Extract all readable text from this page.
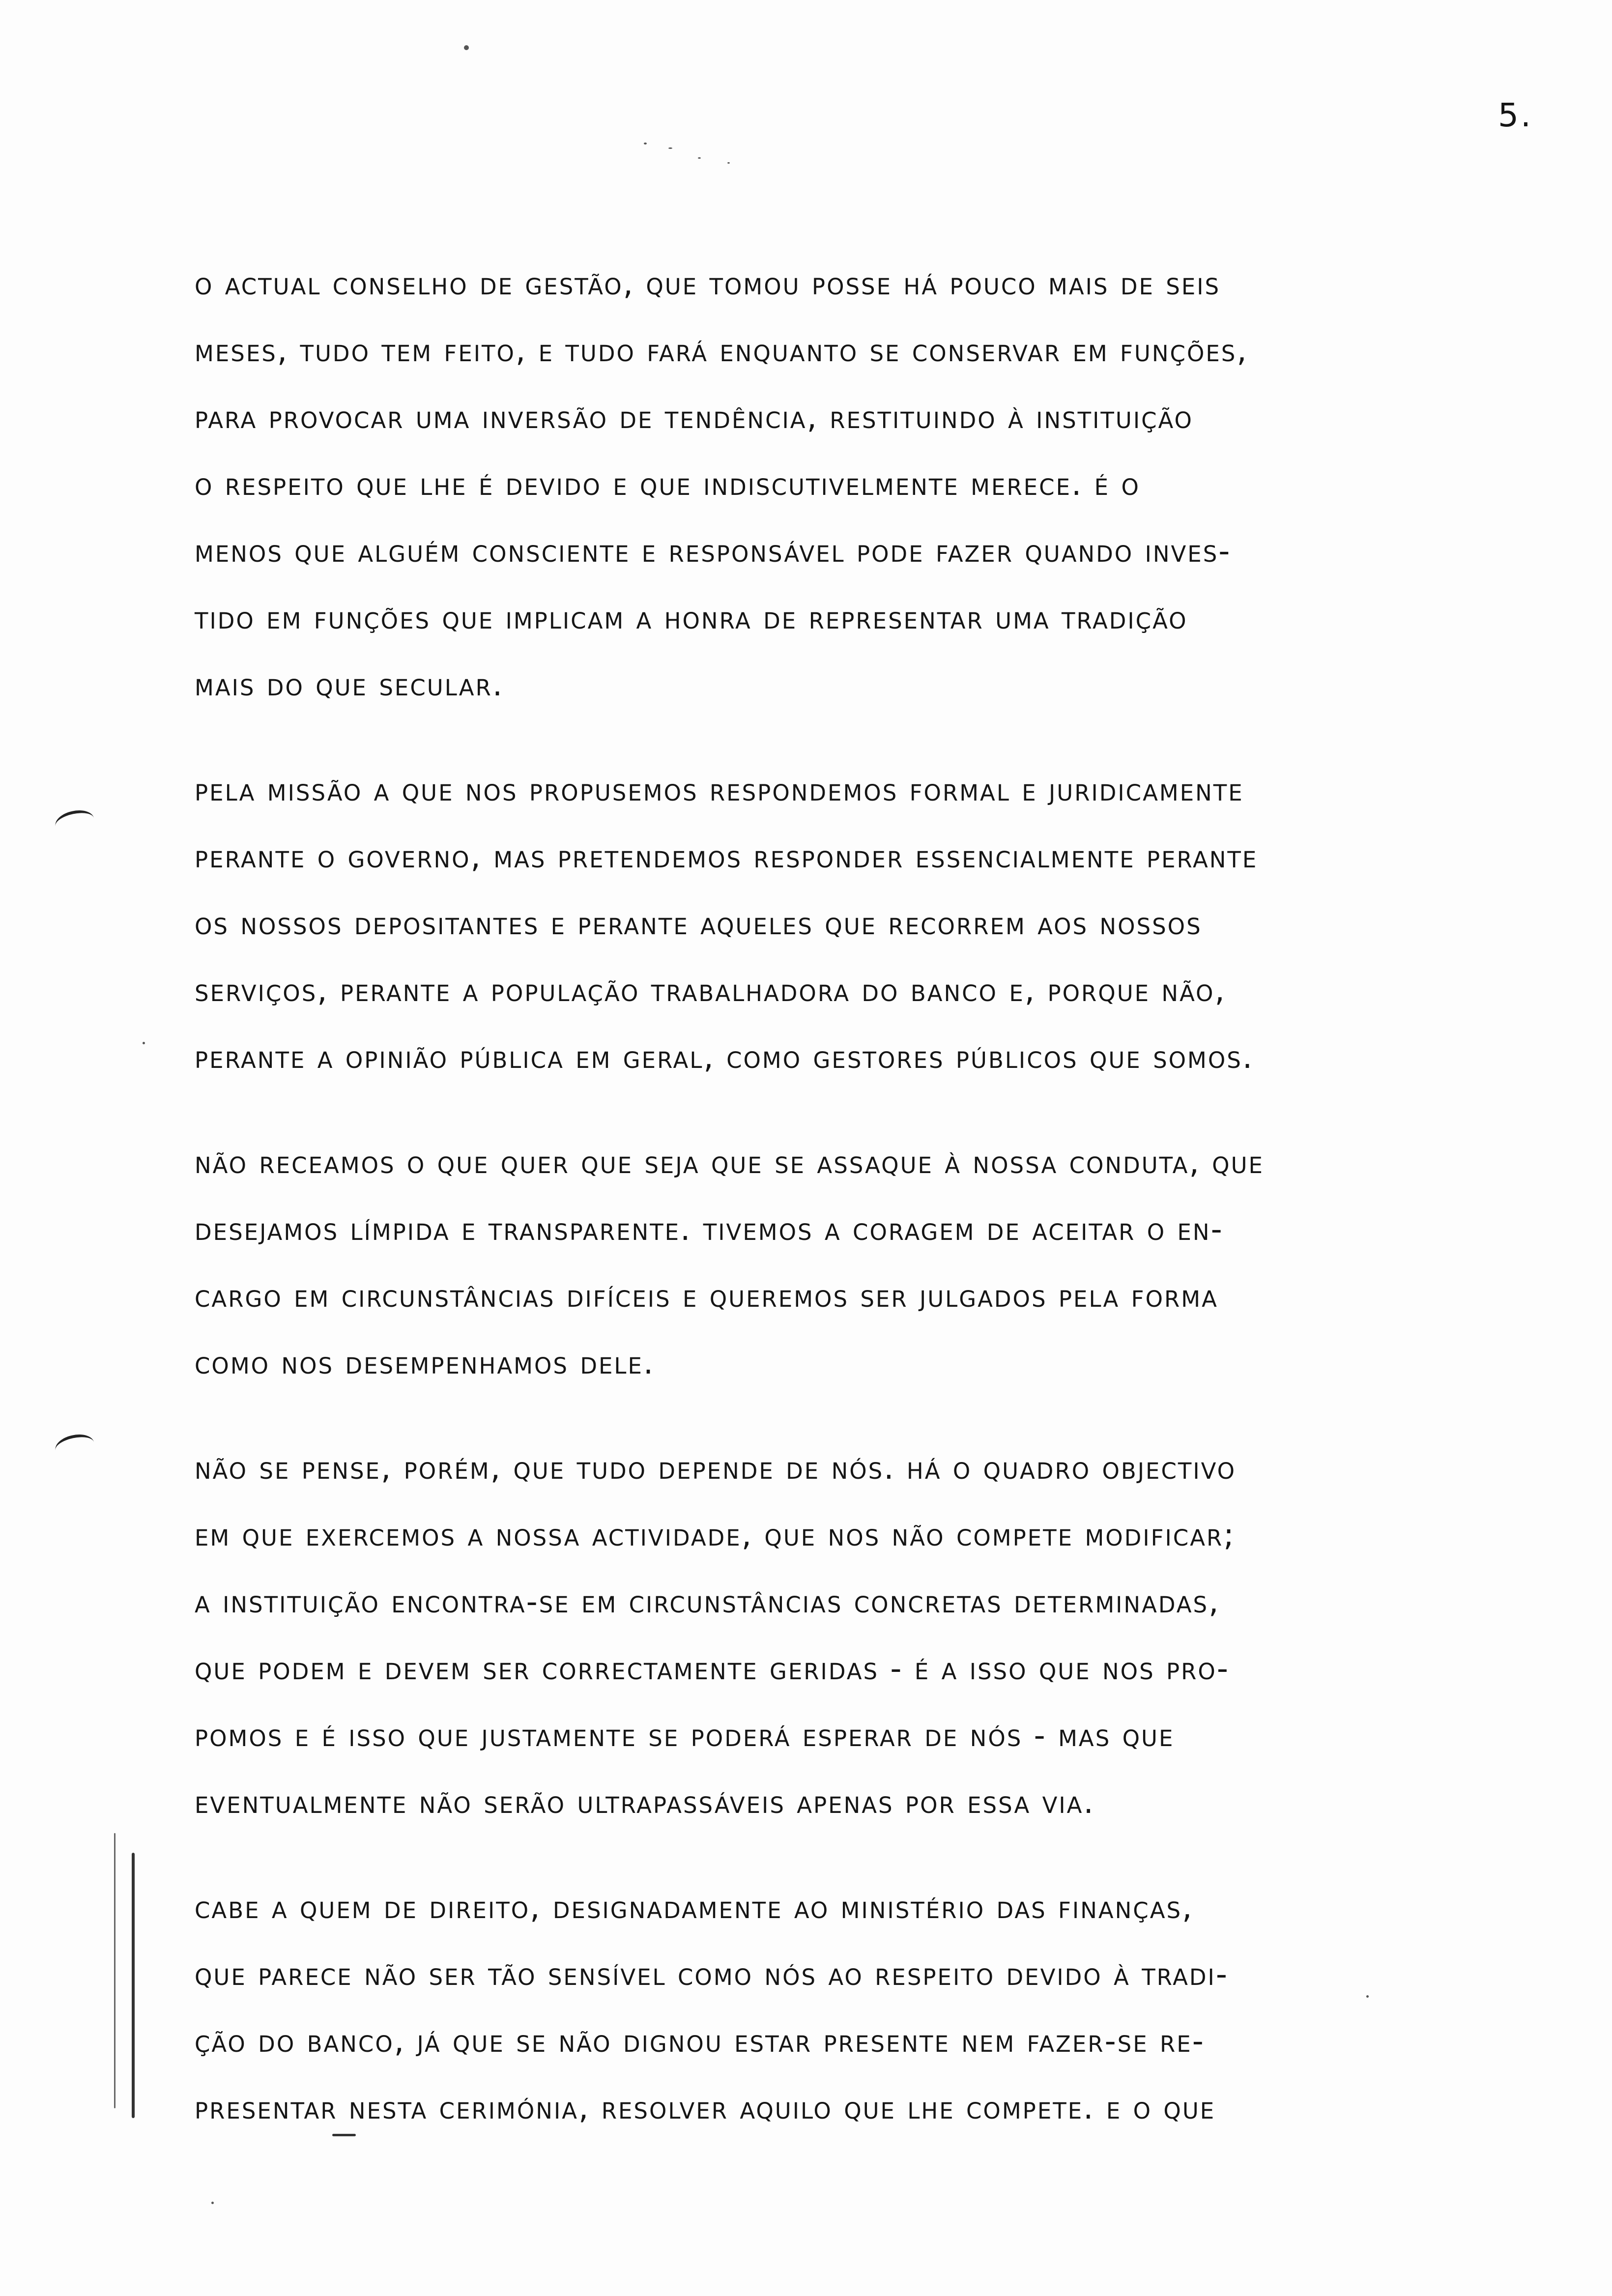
5.
o actual conselho de gestão, que tomou posse há pouco mais de seis
meses, tudo tem feito, e tudo fará enquanto se conservar em funções,
para provocar uma inversão de tendência, restituindo à instituição
o respeito que lhe é devido e que indiscutivelmente merece. é o
menos que alguém consciente e responsável pode fazer quando inves-
tido em funções que implicam a honra de representar uma tradição
mais do que secular.
pela missão a que nos propusemos respondemos formal e juridicamente
perante o governo, mas pretendemos responder essencialmente perante
os nossos depositantes e perante aqueles que recorrem aos nossos
serviços, perante a população trabalhadora do banco e, porque não,
perante a opinião pública em geral, como gestores públicos que somos.
não receamos o que quer que seja que se assaque à nossa conduta, que
desejamos límpida e transparente. tivemos a coragem de aceitar o en-
cargo em circunstâncias difíceis e queremos ser julgados pela forma
como nos desempenhamos dele.
não se pense, porém, que tudo depende de nós. há o quadro objectivo
em que exercemos a nossa actividade, que nos não compete modificar;
a instituição encontra-se em circunstâncias concretas determinadas,
que podem e devem ser correctamente geridas - é a isso que nos pro-
pomos e é isso que justamente se poderá esperar de nós - mas que
eventualmente não serão ultrapassáveis apenas por essa via.
cabe a quem de direito, designadamente ao ministério das finanças,
que parece não ser tão sensível como nós ao respeito devido à tradi-
ção do banco, já que se não dignou estar presente nem fazer-se re-
presentar nesta cerimónia, resolver aquilo que lhe compete. e o que
